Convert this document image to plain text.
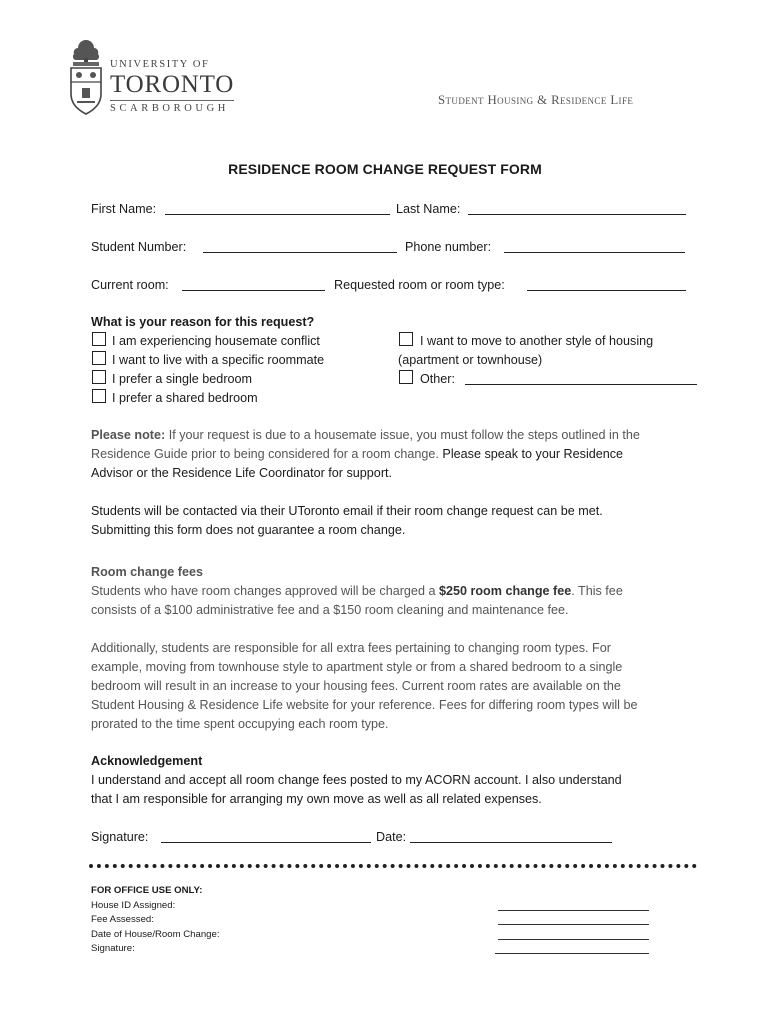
UNIVERSITY OF
TORONTO
SCARBOROUGH
Student Housing & Residence Life
RESIDENCE ROOM CHANGE REQUEST FORM
First Name:	Last Name:
Student Number:	Phone number:
Current room:	Requested room or room type:
What is your reason for this request?
I am experiencing housemate conflict
I want to live with a specific roommate
I prefer a single bedroom
I prefer a shared bedroom
I want to move to another style of housing
(apartment or townhouse)
Other:
Please note: If your request is due to a housemate issue, you must follow the steps outlined in the
Residence Guide prior to being considered for a room change. Please speak to your Residence
Advisor or the Residence Life Coordinator for support.
Students will be contacted via their UToronto email if their room change request can be met.
Submitting this form does not guarantee a room change.
Room change fees
Students who have room changes approved will be charged a $250 room change fee. This fee
consists of a $100 administrative fee and a $150 room cleaning and maintenance fee.
Additionally, students are responsible for all extra fees pertaining to changing room types. For
example, moving from townhouse style to apartment style or from a shared bedroom to a single
bedroom will result in an increase to your housing fees. Current room rates are available on the
Student Housing & Residence Life website for your reference. Fees for differing room types will be
prorated to the time spent occupying each room type.
Acknowledgement
I understand and accept all room change fees posted to my ACORN account. I also understand
that I am responsible for arranging my own move as well as all related expenses.
Signature:	Date:
FOR OFFICE USE ONLY:
House ID Assigned:
Fee Assessed:
Date of House/Room Change:
Signature:
